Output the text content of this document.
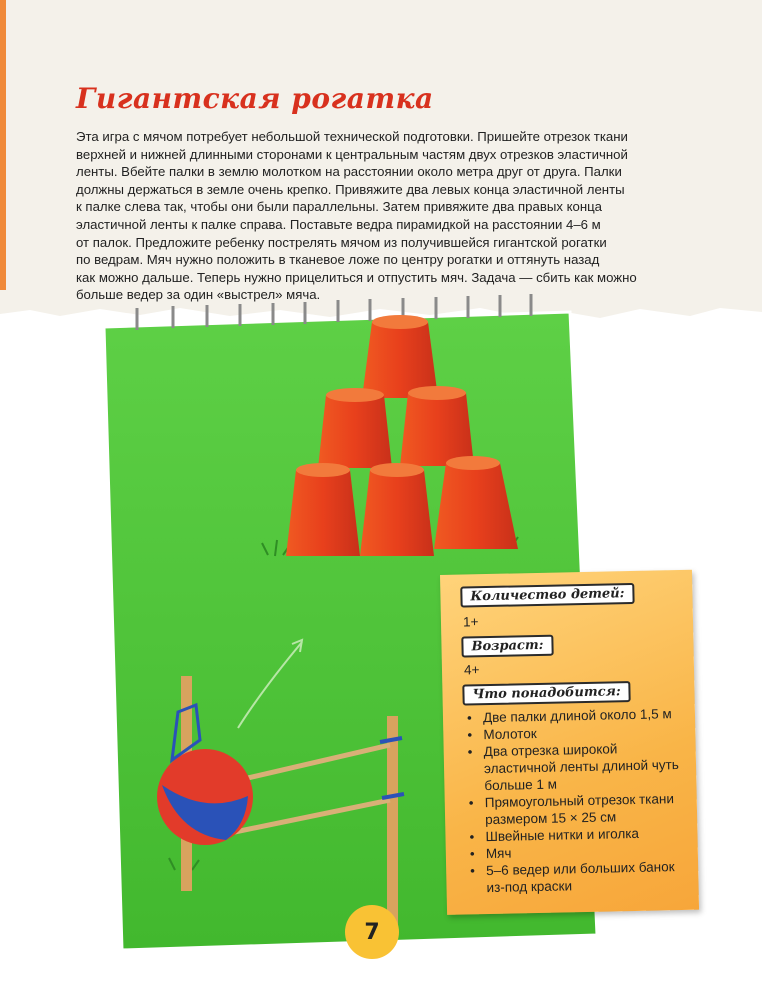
Гигантская рогатка

Эта игра с мячом потребует небольшой технической подготовки. Пришейте отрезок ткани
верхней и нижней длинными сторонами к центральным частям двух отрезков эластичной
ленты. Вбейте палки в землю молотком на расстоянии около метра друг от друга. Палки
должны держаться в земле очень крепко. Привяжите два левых конца эластичной ленты
к палке слева так, чтобы они были параллельны. Затем привяжите два правых конца
эластичной ленты к палке справа. Поставьте ведра пирамидкой на расстоянии 4–6 м
от палок. Предложите ребенку пострелять мячом из получившейся гигантской рогатки
по ведрам. Мяч нужно положить в тканевое ложе по центру рогатки и оттянуть назад
как можно дальше. Теперь нужно прицелиться и отпустить мяч. Задача — сбить как можно
больше ведер за один «выстрел» мяча.

Количество детей:

1+

Возраст:

4+

Что понадобится:
• Две палки длиной около 1,5 м
• Молоток
• Два отрезка широкой эластичной ленты длиной чуть больше 1 м
• Прямоугольный отрезок ткани размером 15 × 25 см
• Швейные нитки и иголка
• Мяч
• 5–6 ведер или больших банок из-под краски
7
